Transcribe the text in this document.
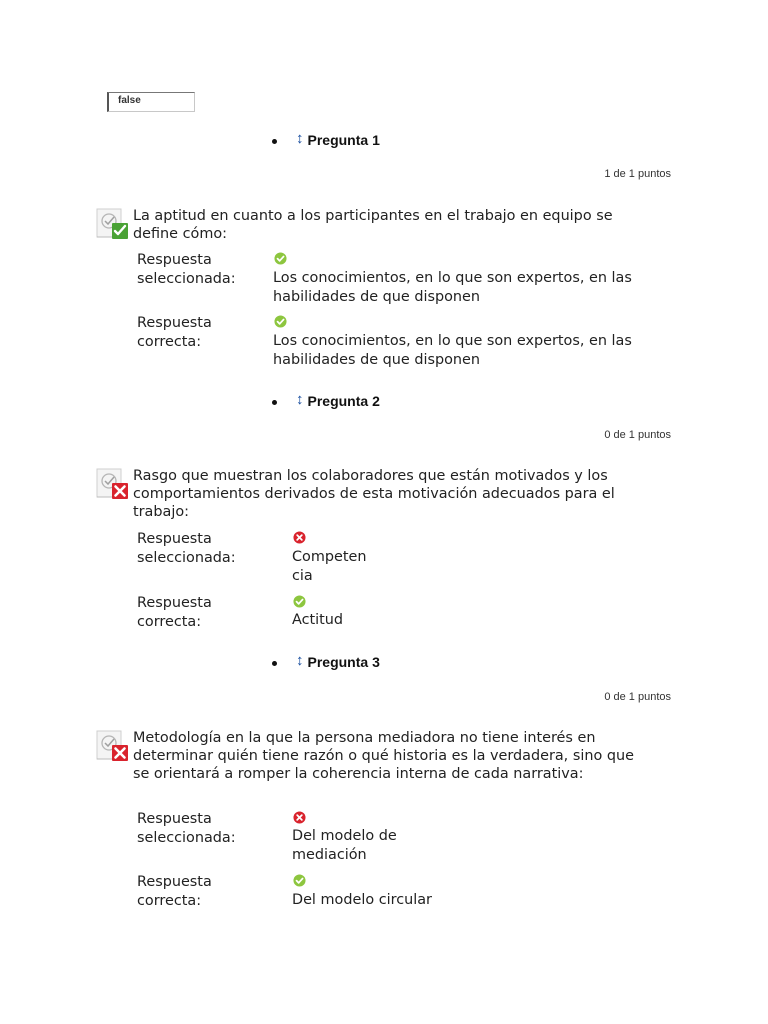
false
↕ Pregunta 1
1 de 1 puntos
La aptitud en cuanto a los participantes en el trabajo en equipo se define cómo:
Respuesta seleccionada:	Los conocimientos, en lo que son expertos, en las habilidades de que disponen
Respuesta correcta:	Los conocimientos, en lo que son expertos, en las habilidades de que disponen
↕ Pregunta 2
0 de 1 puntos
Rasgo que muestran los colaboradores que están motivados y los comportamientos derivados de esta motivación adecuados para el trabajo:
Respuesta seleccionada:	Competen cia
Respuesta correcta:	Actitud
↕ Pregunta 3
0 de 1 puntos
Metodología en la que la persona mediadora no tiene interés en determinar quién tiene razón o qué historia es la verdadera, sino que se orientará a romper la coherencia interna de cada narrativa:
Respuesta seleccionada:	Del modelo de mediación
Respuesta correcta:	Del modelo circular
